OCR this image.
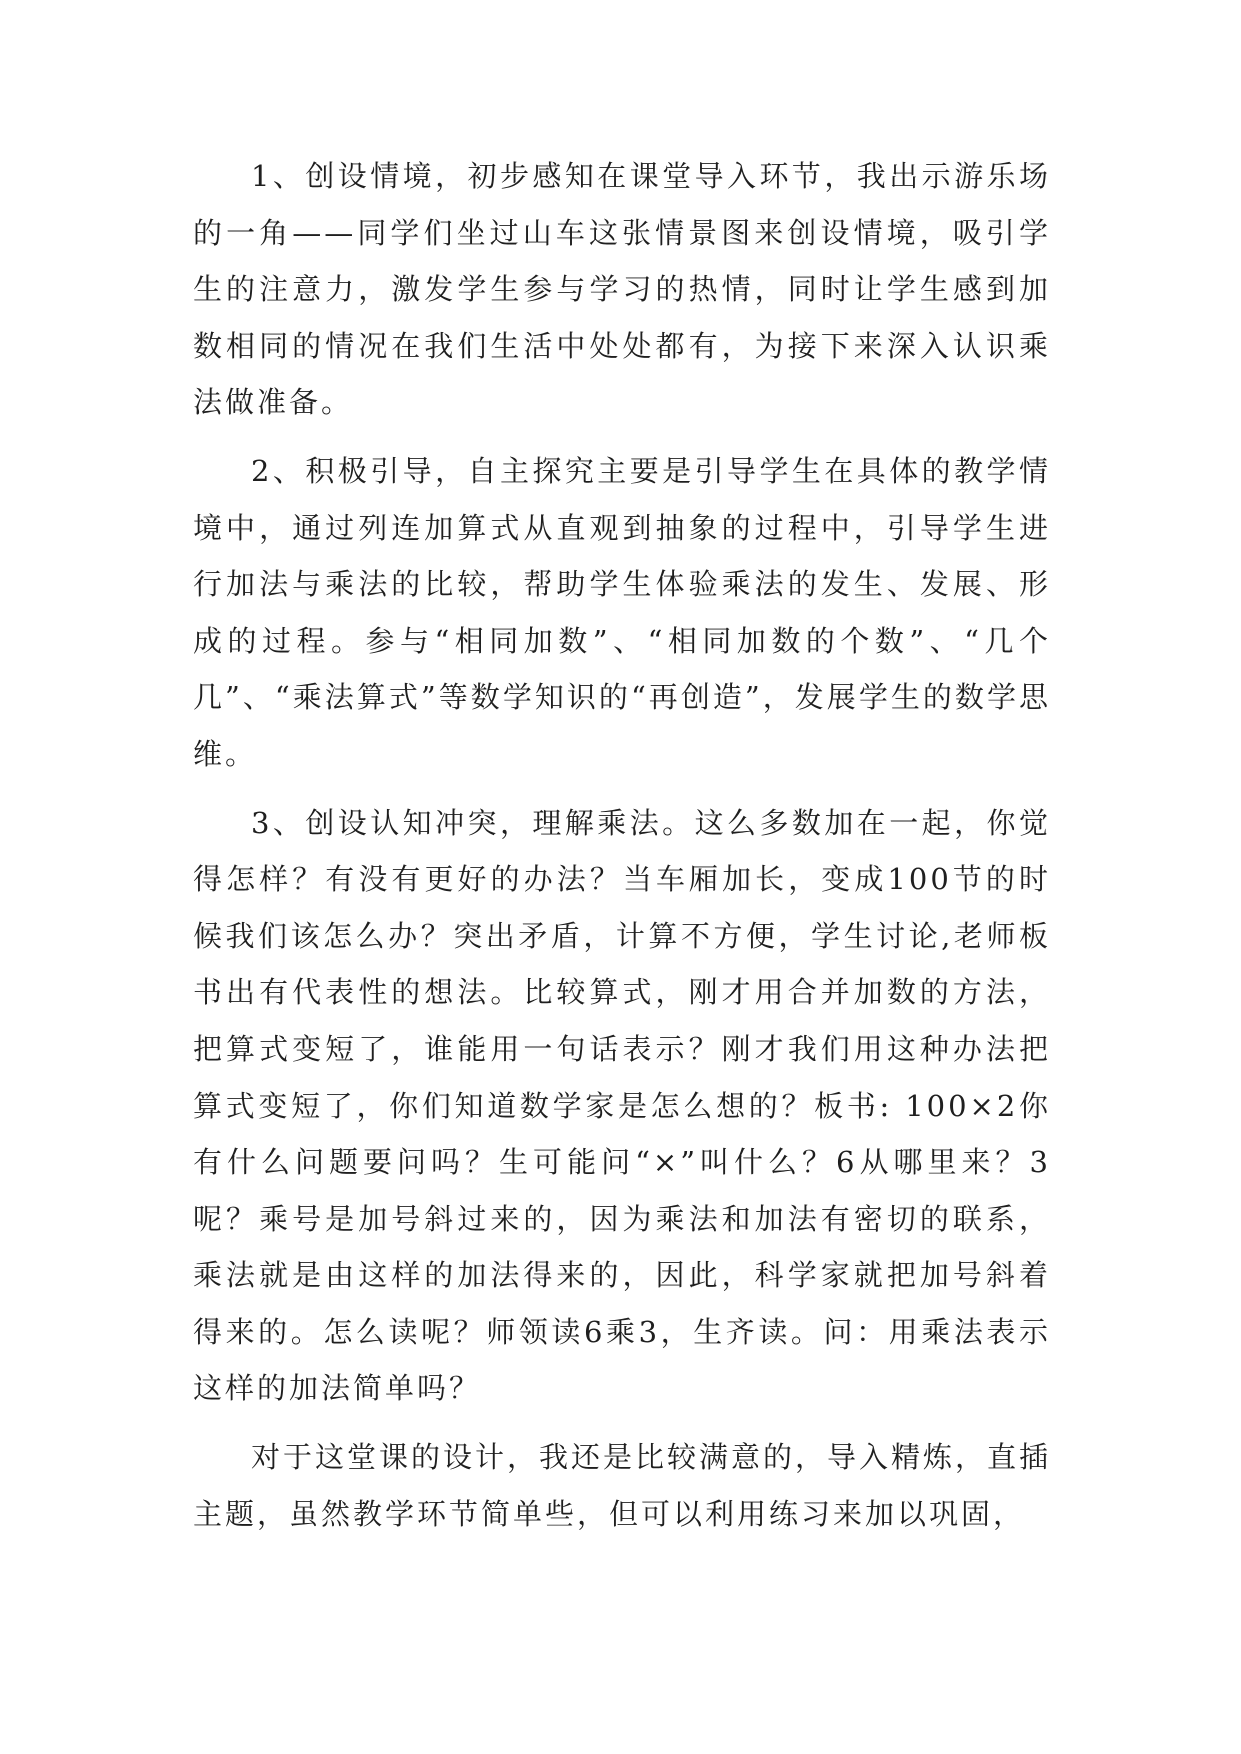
1、创设情境，初步感知在课堂导入环节，我出示游乐场的一角——同学们坐过山车这张情景图来创设情境，吸引学生的注意力，激发学生参与学习的热情，同时让学生感到加数相同的情况在我们生活中处处都有，为接下来深入认识乘法做准备。

2、积极引导，自主探究主要是引导学生在具体的教学情境中，通过列连加算式从直观到抽象的过程中，引导学生进行加法与乘法的比较，帮助学生体验乘法的发生、发展、形成的过程。参与“相同加数”、“相同加数的个数”、“几个几”、“乘法算式”等数学知识的“再创造”，发展学生的数学思维。

3、创设认知冲突，理解乘法。这么多数加在一起，你觉得怎样？有没有更好的办法？当车厢加长，变成100节的时候我们该怎么办？突出矛盾，计算不方便，学生讨论,老师板书出有代表性的想法。比较算式，刚才用合并加数的方法，把算式变短了，谁能用一句话表示？刚才我们用这种办法把算式变短了，你们知道数学家是怎么想的？板书: 100×2你有什么问题要问吗？生可能问“×”叫什么？6从哪里来？3呢？乘号是加号斜过来的，因为乘法和加法有密切的联系，乘法就是由这样的加法得来的，因此，科学家就把加号斜着得来的。怎么读呢？师领读6乘3，生齐读。问：用乘法表示这样的加法简单吗？

对于这堂课的设计，我还是比较满意的，导入精炼，直插主题，虽然教学环节简单些，但可以利用练习来加以巩固，
